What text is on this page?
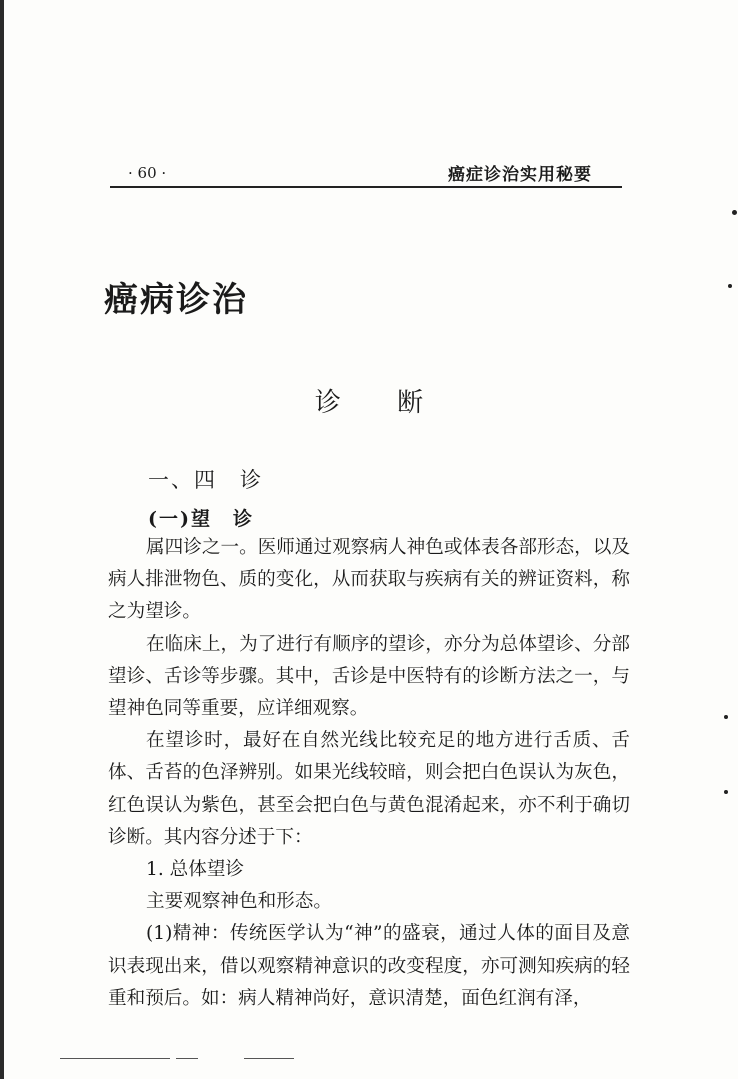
· 60 ·	癌症诊治实用秘要
癌病诊治
诊 断
一、四　诊
(一)望　诊

属四诊之一。医师通过观察病人神色或体表各部形态，以及病人排泄物色、质的变化，从而获取与疾病有关的辨证资料，称之为望诊。

在临床上，为了进行有顺序的望诊，亦分为总体望诊、分部望诊、舌诊等步骤。其中，舌诊是中医特有的诊断方法之一，与望神色同等重要，应详细观察。

在望诊时，最好在自然光线比较充足的地方进行舌质、舌体、舌苔的色泽辨别。如果光线较暗，则会把白色误认为灰色，红色误认为紫色，甚至会把白色与黄色混淆起来，亦不利于确切诊断。其内容分述于下：

1. 总体望诊

主要观察神色和形态。

(1)精神：传统医学认为“神”的盛衰，通过人体的面目及意识表现出来，借以观察精神意识的改变程度，亦可测知疾病的轻重和预后。如：病人精神尚好，意识清楚，面色红润有泽，
